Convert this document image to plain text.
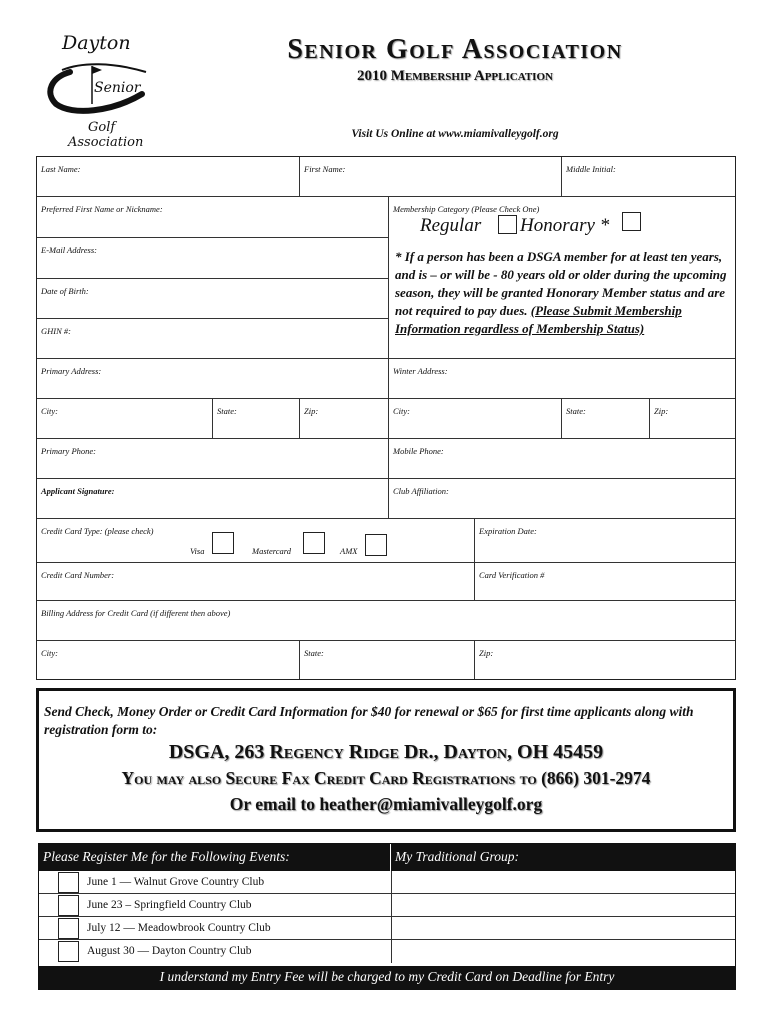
Dayton
Senior
Golf
Association
Senior Golf Association
2010 Membership Application
Visit Us Online at www.miamivalleygolf.org
Last Name:	First Name:	Middle Initial:
Preferred First Name or Nickname:	Membership Category (Please Check One)
E-Mail Address:
Date of Birth:
GHIN #:
Primary Address:	Winter Address:
City:	State:	Zip:	City:	State:	Zip:
Primary Phone:	Mobile Phone:
Applicant Signature:	Club Affiliation:
Credit Card Type: (please check)	Expiration Date:
Credit Card Number:	Card Verification #
Billing Address for Credit Card (if different then above)
City:	State:	Zip:
Regular Honorary *
* If a person has been a DSGA member for at least ten years, and is – or will be - 80 years old or older during the upcoming season, they will be granted Honorary Member status and are not required to pay dues. (Please Submit Membership Information regardless of Membership Status)
Visa	Mastercard	AMX
Send Check, Money Order or Credit Card Information for $40 for renewal or $65 for first time applicants along with registration form to:
DSGA, 263 Regency Ridge Dr., Dayton, OH 45459
You may also Secure Fax Credit Card Registrations to (866) 301-2974
Or email to heather@miamivalleygolf.org
Please Register Me for the Following Events:	My Traditional Group:
June 1 — Walnut Grove Country Club
June 23 – Springfield Country Club
July 12 — Meadowbrook Country Club
August 30 — Dayton Country Club
I understand my Entry Fee will be charged to my Credit Card on Deadline for Entry
